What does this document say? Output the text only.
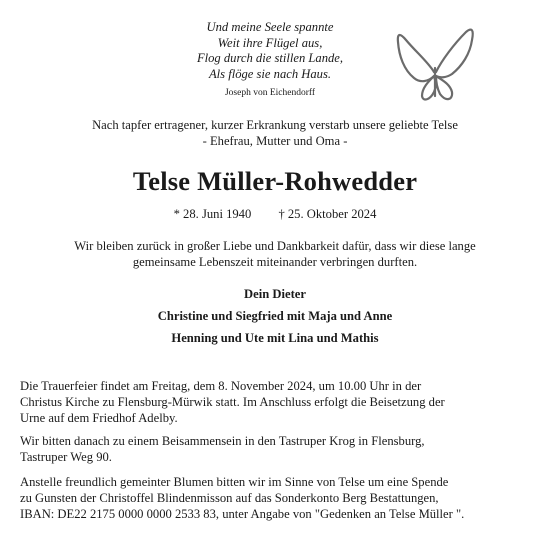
Und meine Seele spannte
Weit ihre Flügel aus,
Flog durch die stillen Lande,
Als flöge sie nach Haus.
Joseph von Eichendorff
Nach tapfer ertragener, kurzer Erkrankung verstarb unsere geliebte Telse
- Ehefrau, Mutter und Oma -
Telse Müller-Rohwedder
* 28. Juni 1940 † 25. Oktober 2024
Wir bleiben zurück in großer Liebe und Dankbarkeit dafür, dass wir diese lange
gemeinsame Lebenszeit miteinander verbringen durften.
Dein Dieter
Christine und Siegfried mit Maja und Anne
Henning und Ute mit Lina und Mathis
Die Trauerfeier findet am Freitag, dem 8. November 2024, um 10.00 Uhr in der
Christus Kirche zu Flensburg-Mürwik statt. Im Anschluss erfolgt die Beisetzung der
Urne auf dem Friedhof Adelby.
Wir bitten danach zu einem Beisammensein in den Tastruper Krog in Flensburg,
Tastruper Weg 90.
Anstelle freundlich gemeinter Blumen bitten wir im Sinne von Telse um eine Spende
zu Gunsten der Christoffel Blindenmisson auf das Sonderkonto Berg Bestattungen,
IBAN: DE22 2175 0000 0000 2533 83, unter Angabe von "Gedenken an Telse Müller ".
